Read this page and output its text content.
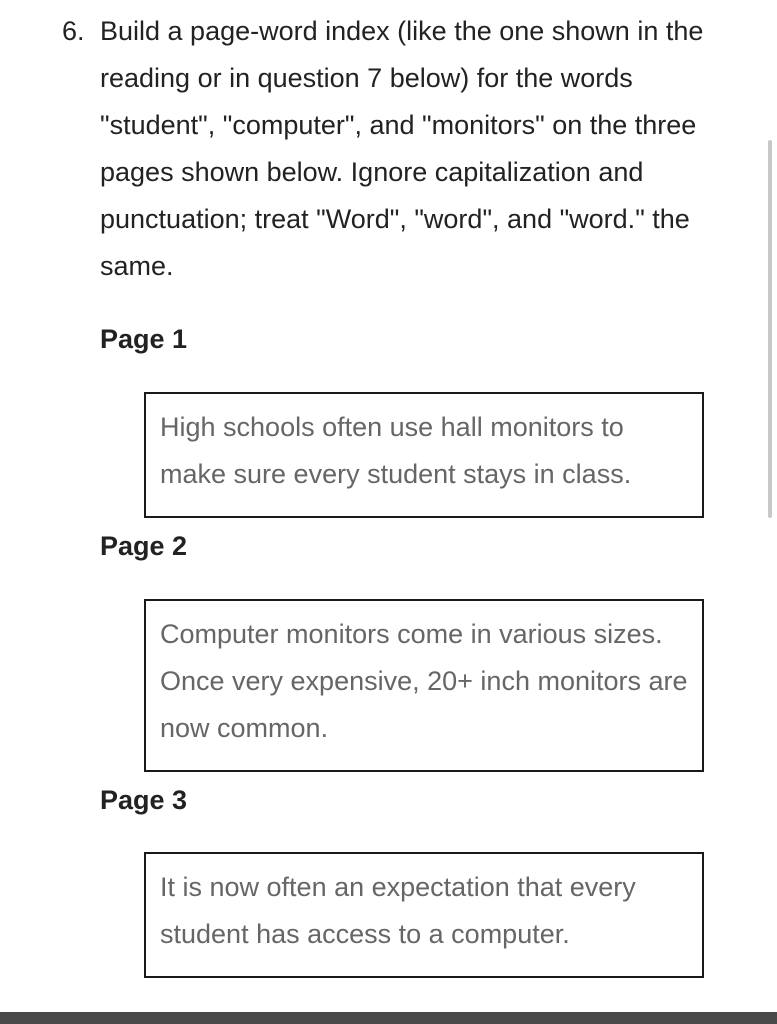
6. Build a page-word index (like the one shown in the reading or in question 7 below) for the words "student", "computer", and "monitors" on the three pages shown below. Ignore capitalization and punctuation; treat "Word", "word", and "word." the same.

Page 1

High schools often use hall monitors to make sure every student stays in class.

Page 2

Computer monitors come in various sizes. Once very expensive, 20+ inch monitors are now common.

Page 3

It is now often an expectation that every student has access to a computer.
